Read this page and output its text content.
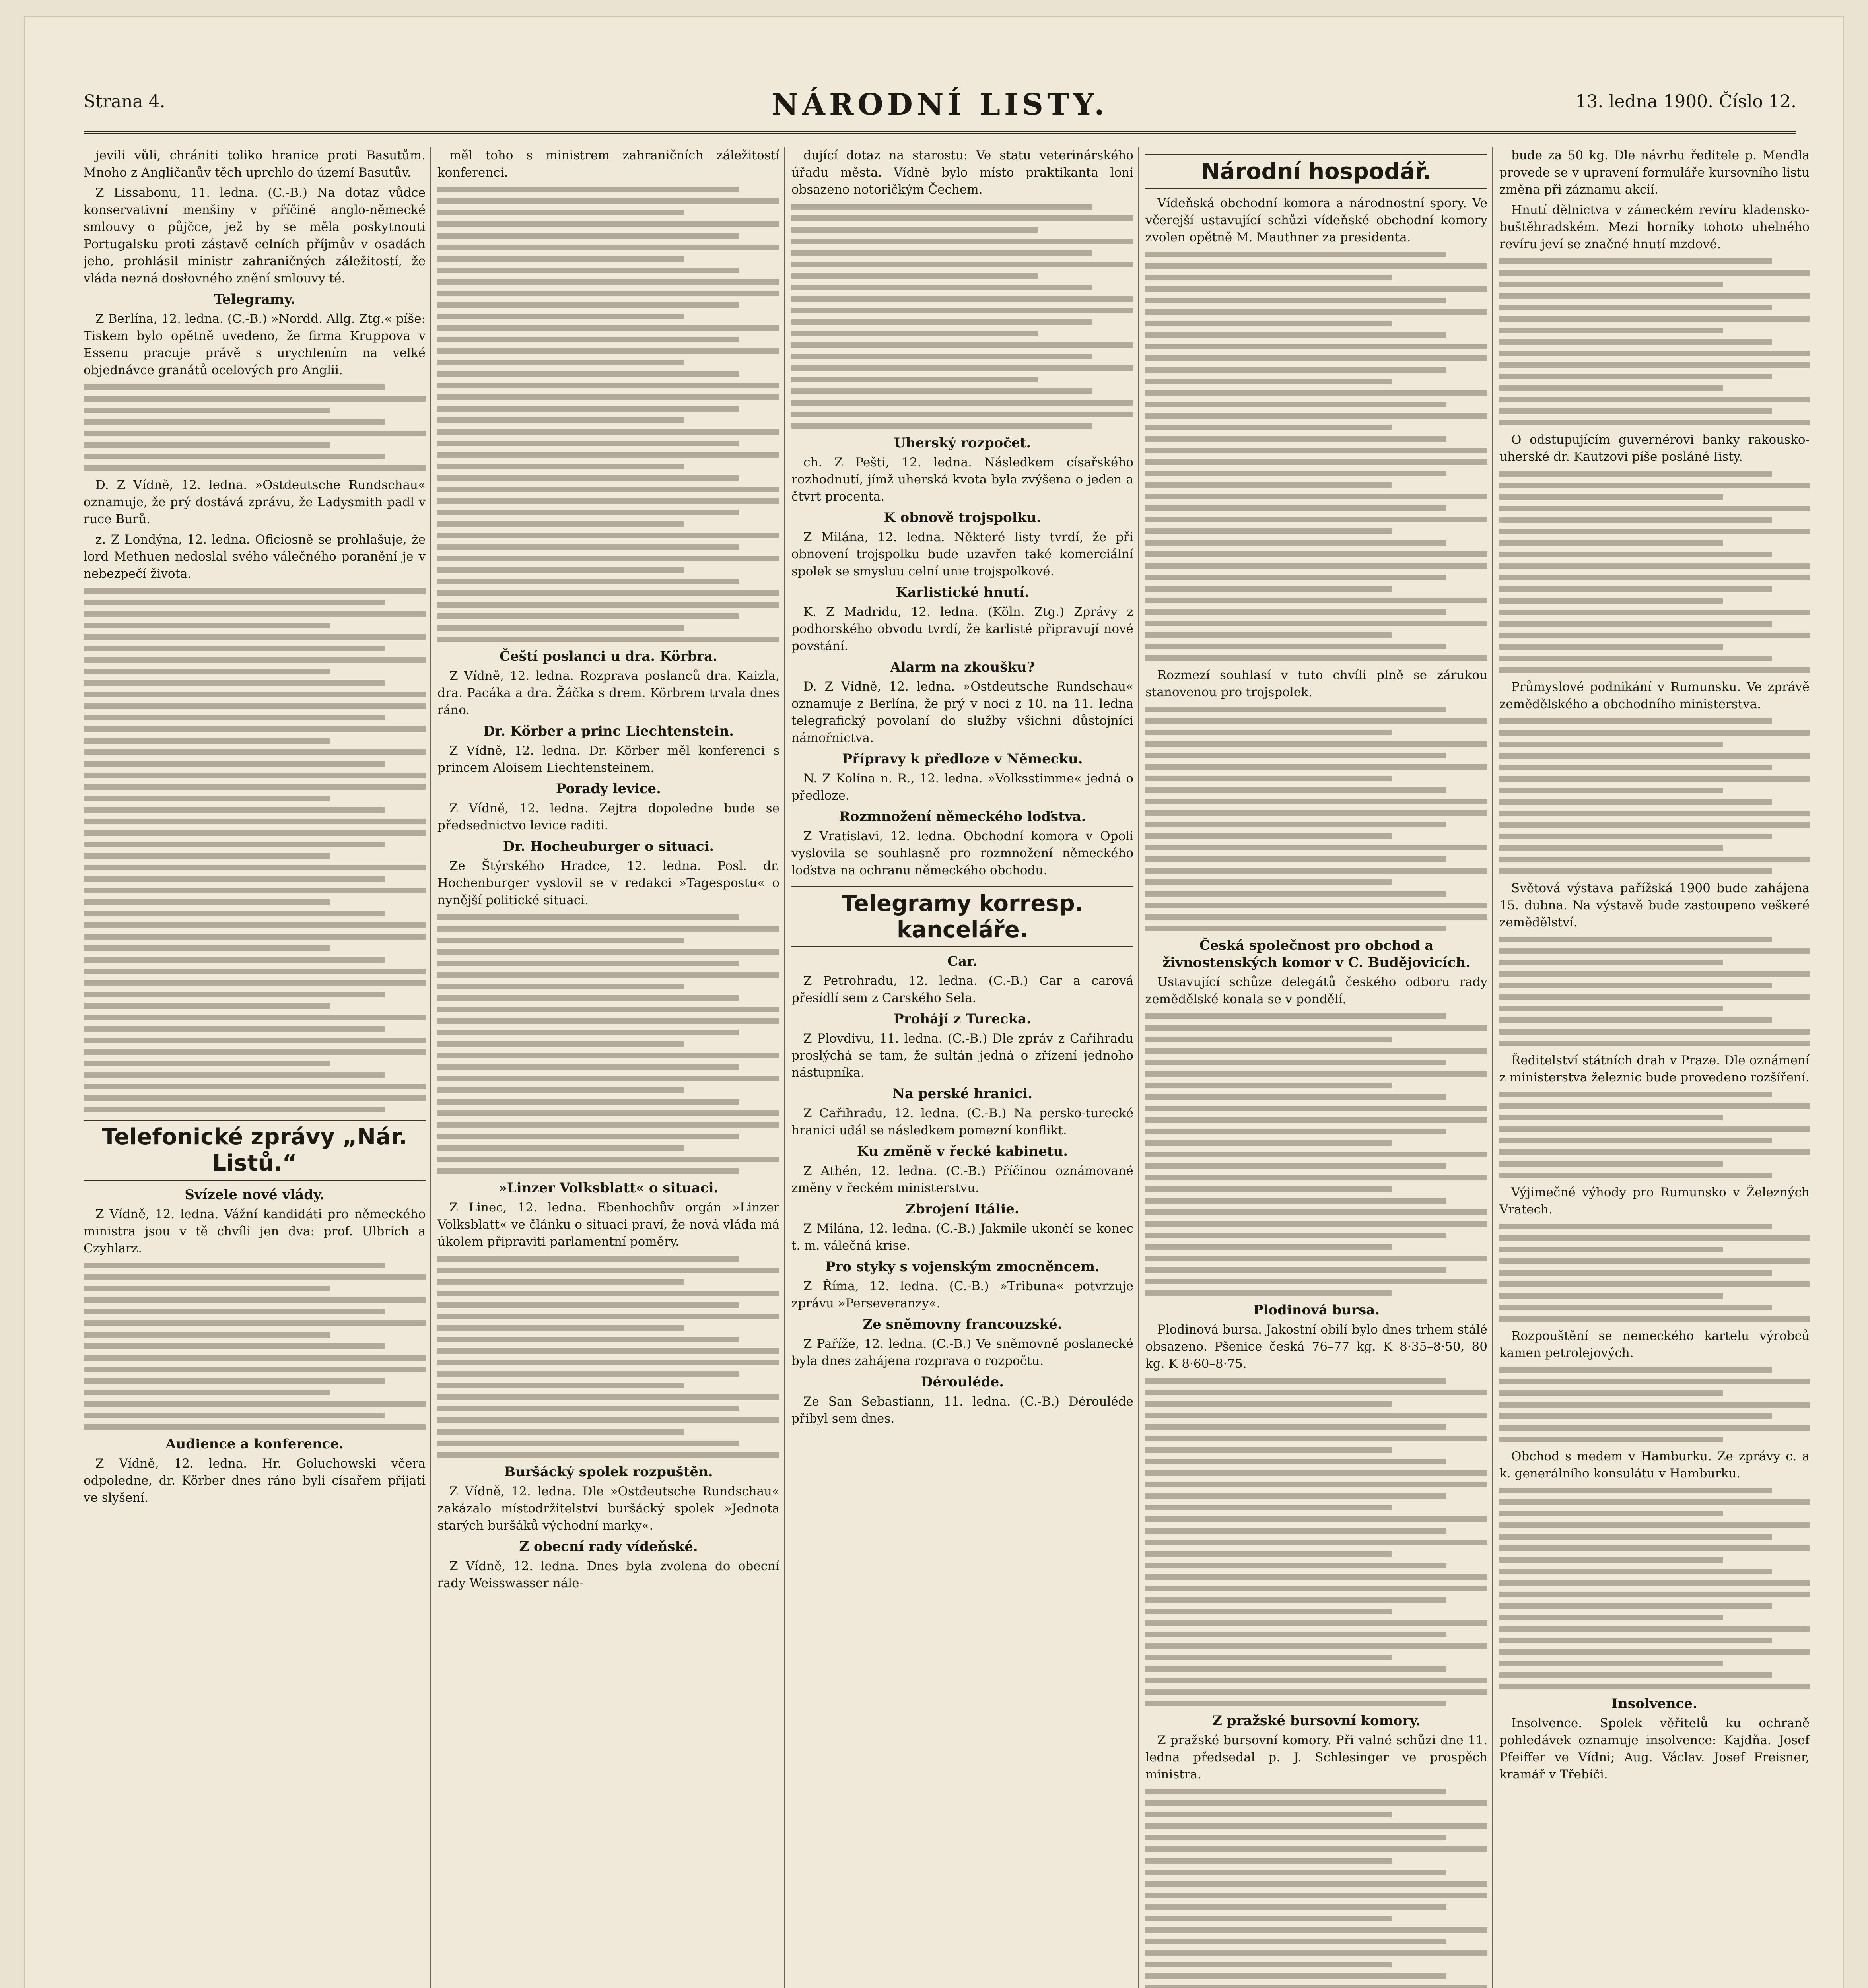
Strana 4.	NÁRODNÍ LISTY.	13. ledna 1900. Číslo 12.

jevili vůli, chrániti toliko hranice proti Basutům. Mnoho z Angličanův těch uprchlo do území Basutův.

Z Lissabonu, 11. ledna. (C.-B.) Na dotaz vůdce konservativní menšiny v příčině anglo-německé smlouvy o půjčce, jež by se měla poskytnouti Portugalsku proti zástavě celních příjmův v osadách jeho, prohlásil ministr zahraničných záležitostí, že vláda nezná dosłovného znění smlouvy té.

Telegramy.

Z Berlína, 12. ledna. (C.-B.) »Nordd. Allg. Ztg.« píše: Tiskem bylo opětně uvedeno, že firma Kruppova v Essenu pracuje právě s urychlením na velké objednávce granátů ocelových pro Anglii.

D. Z Vídně, 12. ledna. »Ostdeutsche Rundschau« oznamuje, že prý dostává zprávu, že Ladysmith padl v ruce Burů.

z. Z Londýna, 12. ledna. Oficiosně se prohlašuje, že lord Methuen nedoslal svého válečného poranění je v nebezpečí života.

Telefonické zprávy „Nár. Listů.“
Svízele nové vlády.

Z Vídně, 12. ledna. Vážní kandidáti pro německého ministra jsou v tě chvíli jen dva: prof. Ulbrich a Czyhlarz.

Audience a konference.

Z Vídně, 12. ledna. Hr. Goluchowski včera odpoledne, dr. Körber dnes ráno byli císařem přijati ve slyšení.

měl toho s ministrem zahraničních záležitostí konferenci.

Čeští poslanci u dra. Körbra.

Z Vídně, 12. ledna. Rozprava poslanců dra. Kaizla, dra. Pacáka a dra. Žáčka s drem. Körbrem trvala dnes ráno.

Dr. Körber a princ Liechtenstein.

Z Vídně, 12. ledna. Dr. Körber měl konferenci s princem Aloisem Liechtensteinem.

Porady levice.

Z Vídně, 12. ledna. Zejtra dopoledne bude se předsednictvo levice raditi.

Dr. Hocheuburger o situaci.

Ze Štýrského Hradce, 12. ledna. Posl. dr. Hochenburger vyslovil se v redakci »Tagespostu« o nynější politické situaci.

»Linzer Volksblatt« o situaci.

Z Linec, 12. ledna. Ebenhochův orgán »Linzer Volksblatt« ve článku o situaci praví, že nová vláda má úkolem připraviti parlamentní poměry.

Buršácký spolek rozpuštěn.

Z Vídně, 12. ledna. Dle »Ostdeutsche Rundschau« zakázalo místodržitelství buršácký spolek »Jednota starých buršáků východní marky«.

Z obecní rady vídeňské.

Z Vídně, 12. ledna. Dnes byla zvolena do obecní rady Weisswasser nále-

dující dotaz na starostu: Ve statu veterinárského úřadu města. Vídně bylo místo praktikanta loni obsazeno notoričkým Čechem.

Uherský rozpočet.

ch. Z Pešti, 12. ledna. Následkem císařského rozhodnutí, jímž uherská kvota byla zvýšena o jeden a čtvrt procenta.

K obnově trojspolku.

Z Milána, 12. ledna. Některé listy tvrdí, že při obnovení trojspolku bude uzavřen také komerciální spolek se smysluu celní unie trojspolkové.

Karlistické hnutí.

K. Z Madridu, 12. ledna. (Köln. Ztg.) Zprávy z podhorského obvodu tvrdí, že karlisté připravují nové povstání.

Alarm na zkoušku?

D. Z Vídně, 12. ledna. »Ostdeutsche Rundschau« oznamuje z Berlína, že prý v noci z 10. na 11. ledna telegrafický povolaní do služby všichni důstojníci námořnictva.

Přípravy k předloze v Německu.

N. Z Kolína n. R., 12. ledna. »Volksstimme« jedná o předloze.

Rozmnožení německého loďstva.

Z Vratislavi, 12. ledna. Obchodní komora v Opoli vyslovila se souhlasně pro rozmnožení německého loďstva na ochranu německého obchodu.

Telegramy korresp. kanceláře.
Car.

Z Petrohradu, 12. ledna. (C.-B.) Car a carová přesídlí sem z Carského Sela.

Prohájí z Turecka.

Z Plovdivu, 11. ledna. (C.-B.) Dle zpráv z Cařihradu proslýchá se tam, že sultán jedná o zřízení jednoho nástupníka.

Na perské hranici.

Z Cařihradu, 12. ledna. (C.-B.) Na persko-turecké hranici udál se následkem pomezní konflikt.

Ku změně v řecké kabinetu.

Z Athén, 12. ledna. (C.-B.) Příčinou oznámované změny v řeckém ministerstvu.

Zbrojení Itálie.

Z Milána, 12. ledna. (C.-B.) Jakmile ukončí se konec t. m. válečná krise.

Pro styky s vojenským zmocněncem.

Z Říma, 12. ledna. (C.-B.) »Tribuna« potvrzuje zprávu »Perseveranzy«.

Ze sněmovny francouzské.

Z Paříže, 12. ledna. (C.-B.) Ve sněmovně poslanecké byla dnes zahájena rozprava o rozpočtu.

Dérouléde.

Ze San Sebastiann, 11. ledna. (C.-B.) Dérouléde přibyl sem dnes.

Národní hospodář.

Vídeňská obchodní komora a národnostní spory. Ve včerejší ustavující schůzi vídeňské obchodní komory zvolen opětně M. Mauthner za presidenta.

Rozmezí souhlasí v tuto chvíli plně se zárukou stanovenou pro trojspolek.

Česká společnost pro obchod a živnostenských komor v C. Budějovicích.

Ustavující schůze delegátů českého odboru rady zemědělské konala se v pondělí.

Plodinová bursa.

Plodinová bursa. Jakostní obilí bylo dnes trhem stálé obsazeno. Pšenice česká 76–77 kg. K 8·35–8·50, 80 kg. K 8·60–8·75.

Z pražské bursovní komory.

Z pražské bursovní komory. Při valné schůzi dne 11. ledna předsedal p. J. Schlesinger ve prospěch ministra.

bude za 50 kg. Dle návrhu ředitele p. Mendla provede se v upravení formuláře kursovního listu změna při záznamu akcií.

Hnutí dělnictva v zámeckém revíru kladensko-buštěhradském. Mezi horníky tohoto uhelného revíru jeví se značné hnutí mzdové.

O odstupujícím guvernérovi banky rakousko-uherské dr. Kautzovi píše posláné Iisty.

Průmyslové podnikání v Rumunsku. Ve zprávě zemědělského a obchodního ministerstva.

Světová výstava pařížská 1900 bude zahájena 15. dubna. Na výstavě bude zastoupeno veškeré zemědělství.

Ředitelství státních drah v Praze. Dle oznámení z ministerstva železnic bude provedeno rozšíření.

Výjimečné výhody pro Rumunsko v Železných Vratech.

Rozpouštění se nemeckého kartelu výrobců kamen petrolejových.

Obchod s medem v Hamburku. Ze zprávy c. a k. generálního konsulátu v Hamburku.

Insolvence.

Insolvence. Spolek věřitelů ku ochraně pohledávek oznamuje insolvence: Kajdňa. Josef Pfeiffer ve Vídni; Aug. Václav. Josef Freisner, kramář v Třebíči.
